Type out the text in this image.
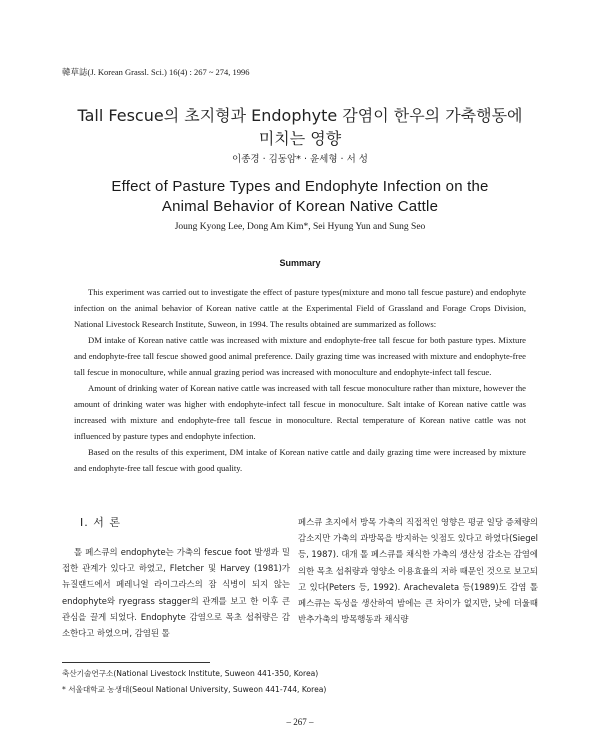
韓草誌(J. Korean Grassl. Sci.) 16(4) : 267 ~ 274, 1996
Tall Fescue의 초지형과 Endophyte 감염이 한우의 가축행동에
미치는 영향
이종경 · 김동암* · 윤세형 · 서 성
Effect of Pasture Types and Endophyte Infection on the
Animal Behavior of Korean Native Cattle
Joung Kyong Lee, Dong Am Kim*, Sei Hyung Yun and Sung Seo
Summary

This experiment was carried out to investigate the effect of pasture types(mixture and mono tall fescue pasture) and endophyte infection on the animal behavior of Korean native cattle at the Experimental Field of Grassland and Forage Crops Division, National Livestock Research Institute, Suweon, in 1994. The results obtained are summarized as follows:

DM intake of Korean native cattle was increased with mixture and endophyte-free tall fescue for both pasture types. Mixture and endophyte-free tall fescue showed good animal preference. Daily grazing time was increased with mixture and endophyte-free tall fescue in monoculture, while annual grazing period was increased with monoculture and endophyte-infect tall fescue.

Amount of drinking water of Korean native cattle was increased with tall fescue monoculture rather than mixture, however the amount of drinking water was higher with endophyte-infect tall fescue in monoculture. Salt intake of Korean native cattle was increased with mixture and endophyte-free tall fescue in monoculture. Rectal temperature of Korean native cattle was not influenced by pasture types and endophyte infection.

Based on the results of this experiment, DM intake of Korean native cattle and daily grazing time were increased by mixture and endophyte-free tall fescue with good quality.

I. 서 론

톨 페스큐의 endophyte는 가축의 fescue foot 발생과 밀접한 관계가 있다고 하였고, Fletcher 및 Harvey (1981)가 뉴질랜드에서 페레니얼 라이그라스의 잠 식병이 되지 않는 endophyte와 ryegrass stagger의 관계를 보고 한 이후 큰 관심을 끌게 되었다. Endophyte 감염으로 목초 섭취량은 감소한다고 하였으며, 감염된 톨

페스큐 초지에서 방목 가축의 직접적인 영향은 평균 일당 증체량의 감소지만 가축의 과방목을 방지하는 잇점도 있다고 하였다(Siegel 등, 1987). 대개 톨 페스큐를 채식한 가축의 생산성 감소는 감염에 의한 목초 섭취량과 영양소 이용효율의 저하 때문인 것으로 보고되고 있다(Peters 등, 1992). Arachevaleta 등(1989)도 감염 톨 페스큐는 독성을 생산하여 밤에는 큰 차이가 없지만, 낮에 더울때 반추가축의 방목행동과 채식량

축산기술연구소(National Livestock Institute, Suweon 441-350, Korea)
* 서울대학교 농생대(Seoul National University, Suweon 441-744, Korea)
– 267 –
